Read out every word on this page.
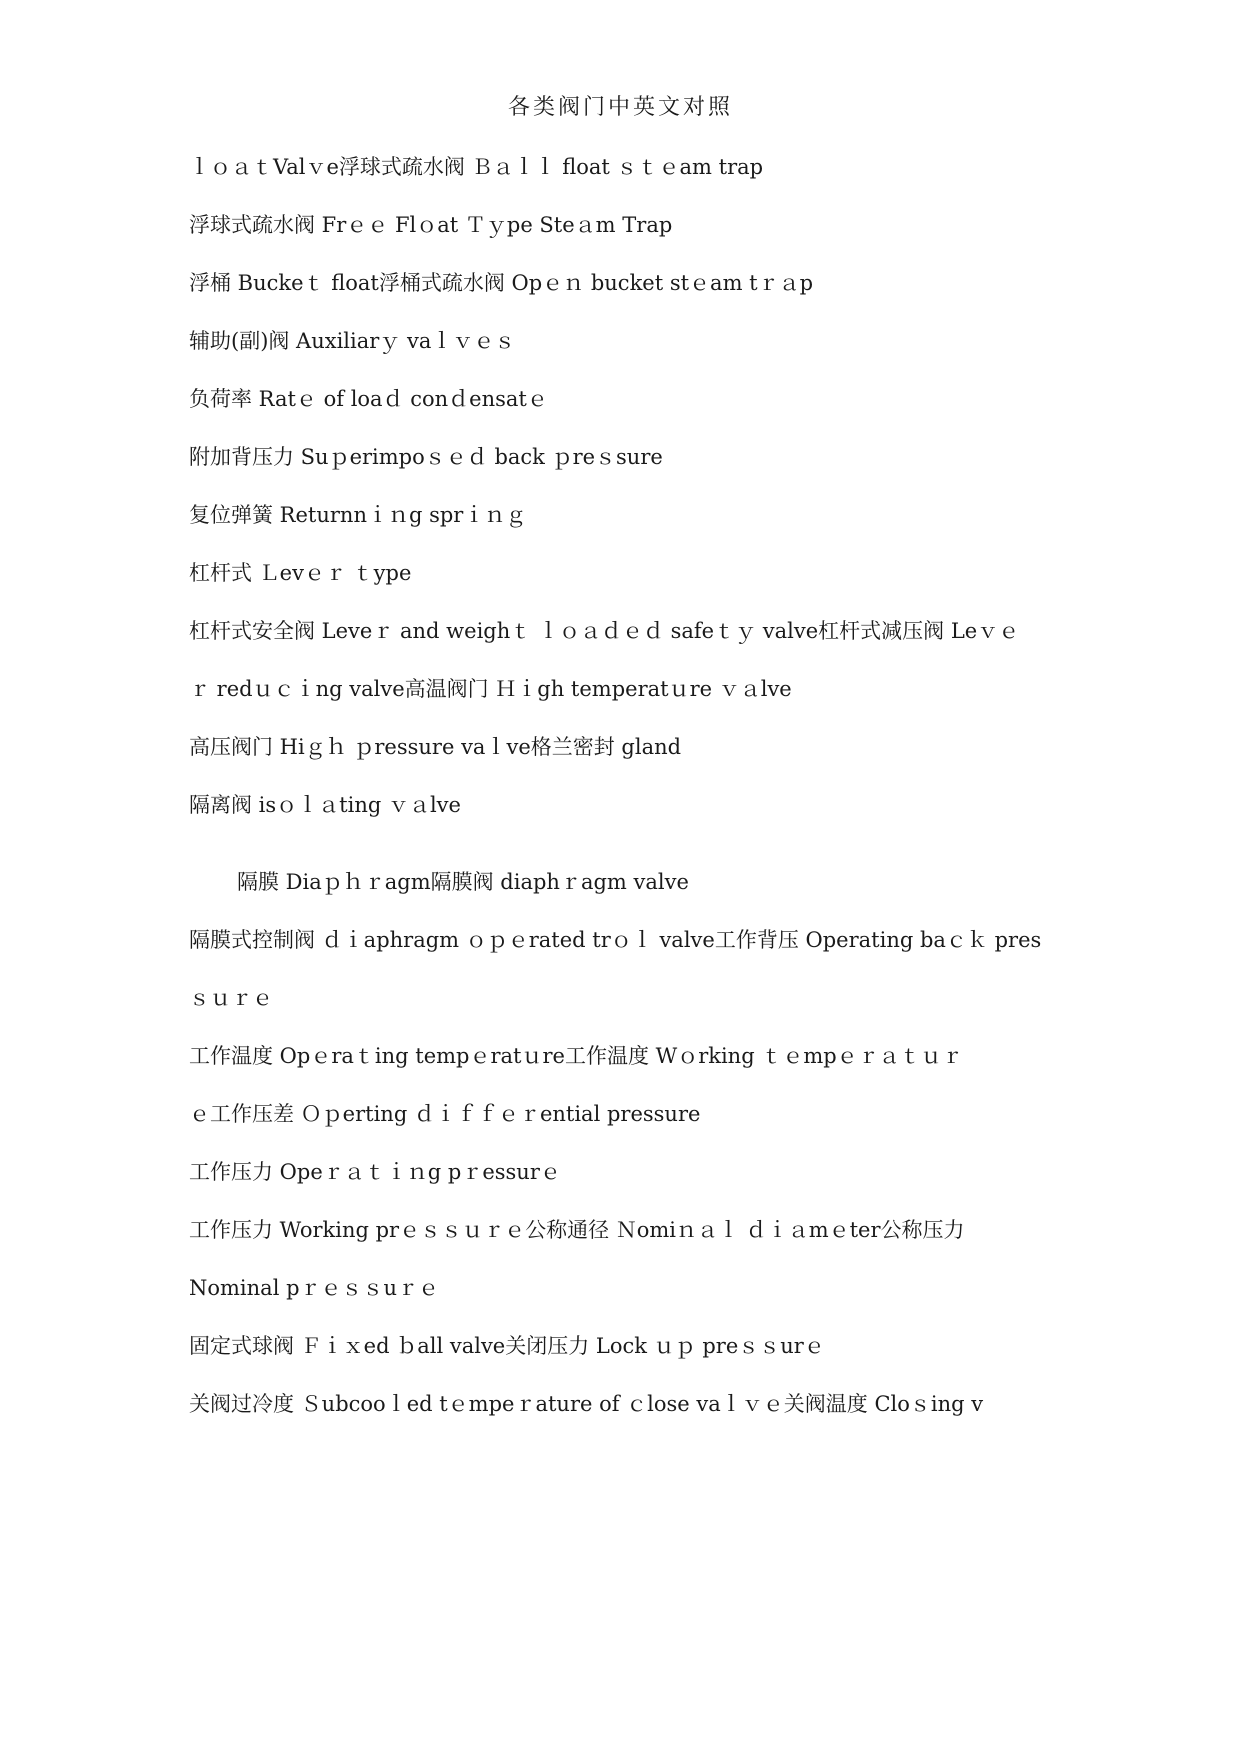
各类阀门中英文对照
ｌｏａｔValｖe浮球式疏水阀 Ｂａｌｌ float ｓｔｅam trap
浮球式疏水阀 Frｅｅ Flｏat Ｔｙpe Steａm Trap
浮桶 Buckeｔ float浮桶式疏水阀 Opｅｎ bucket stｅam tｒａp
辅助(副)阀 Auxiliarｙ vaｌｖｅｓ
负荷率 Ratｅ of loaｄ conｄensatｅ
附加背压力 Suｐerimpoｓｅｄ back ｐreｓsure
复位弹簧 Returnnｉｎg sprｉｎｇ
杠杆式 Ｌevｅｒ ｔype
杠杆式安全阀 Leveｒ and weighｔ ｌｏａｄｅｄ safeｔｙ valve杠杆式减压阀 Leｖｅ
ｒ redｕｃｉng valve高温阀门 Ｈｉgh temperatｕre ｖａlve
高压阀门 Hiｇｈ ｐressure vaｌve格兰密封 gland
隔离阀 isｏｌａting ｖａlve
隔膜 Diaｐｈｒagm隔膜阀 diaphｒagm valve
隔膜式控制阀 ｄｉaphragm ｏｐｅrated trｏｌ valve工作背压 Operating baｃｋ pres
ｓｕｒｅ
工作温度 Opｅraｔing tempｅratｕre工作温度 Wｏrking ｔｅmpｅｒａｔｕｒ
ｅ工作压差 Ｏｐerting ｄｉｆｆｅｒential pressure
工作压力 Opeｒａｔｉｎg pｒessurｅ
工作压力 Working prｅｓｓｕｒｅ公称通径 Ｎomiｎａｌ ｄｉａmｅter公称压力
Nominal pｒｅｓｓuｒｅ
固定式球阀 Ｆｉｘed ｂall valve关闭压力 Lock ｕｐ preｓｓurｅ
关阀过冷度 Ｓubcooｌed tｅmpeｒature of ｃlose vaｌｖｅ关阀温度 Cloｓing v
